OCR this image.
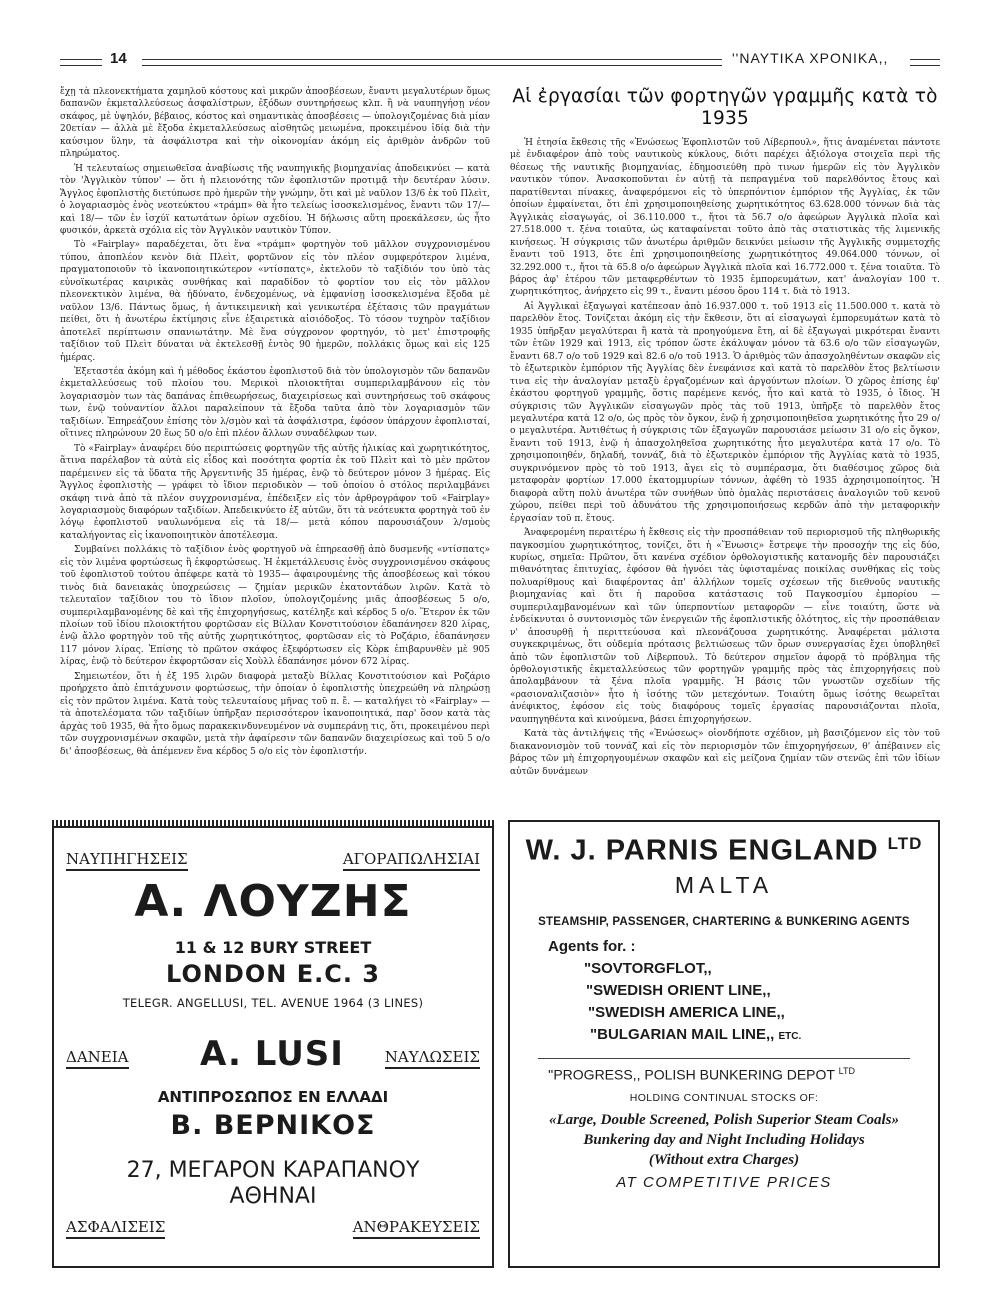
14	''ΝΑΥΤΙΚΑ ΧΡΟΝΙΚΑ,,

ἔχῃ τὰ πλεονεκτήματα χαμηλοῦ κόστους καὶ μικρῶν ἀποσβέσεων, ἔναντι μεγαλυτέρων ὅμως δαπανῶν ἐκμεταλλεύσεως ἀσφαλίστρων, ἐξόδων συντηρήσεως κλπ. ἢ νὰ ναυπηγήσῃ νέον σκάφος, μὲ ὑψηλόν, βέβαιος, κόστος καὶ σημαντικὰς ἀποσβέσεις — ὑπολογιζομένας διὰ μίαν 20ετίαν — ἀλλὰ μὲ ἔξοδα ἐκμεταλλεύσεως αἰσθητῶς μειωμένα, προκειμένου ἰδίᾳ διὰ τὴν καύσιμον ὕλην, τὰ ἀσφάλιστρα καὶ τὴν οἰκονομίαν ἀκόμη εἰς ἀριθμὸν ἀνδρῶν τοῦ πληρώματος.

Ἡ τελευταίως σημειωθεῖσα ἀναβίωσις τῆς ναυπηγικῆς βιομηχανίας ἀποδεικνύει — κατὰ τὸν 'Ἀγγλικὸν τύπον' — ὅτι ἡ πλειονότης τῶν ἐφοπλιστῶν προτιμᾷ τὴν δευτέραν λύσιν. Ἄγγλος ἐφοπλιστὴς διετύπωσε πρὸ ἡμερῶν τὴν γνώμην, ὅτι καὶ μὲ ναῦλον 13/6 ἐκ τοῦ Πλεὶτ, ὁ λογαριασμὸς ἑνὸς νεοτεύκτου «τράμπ» θὰ ἦτο τελείως ἰσοσκελισμένος, ἔναντι τῶν 17/— καὶ 18/— τῶν ἐν ἰσχύϊ κατωτάτων ὁρίων σχεδίου. Ἡ δήλωσις αὕτη προεκάλεσεν, ὡς ἦτο φυσικόν, ἀρκετὰ σχόλια εἰς τὸν Ἀγγλικὸν ναυτικὸν Τύπον.

Τὸ «Fairplay» παραδέχεται, ὅτι ἕνα «τράμπ» φορτηγὸν τοῦ μᾶλλον συγχρονισμένου τύπου, ἀποπλέον κενὸν διὰ Πλεὶτ, φορτῶνον εἰς τὸν πλέον συμφερότερον λιμένα, πραγματοποιοῦν τὸ ἱκανοποιητικώτερον «ντίσπατς», ἐκτελοῦν τὸ ταξίδιόν του ὑπὸ τὰς εὐνοϊκωτέρας καιρικὰς συνθήκας καὶ παραδίδον τὸ φορτίον του εἰς τὸν μᾶλλον πλεονεκτικὸν λιμένα, θὰ ἠδύνατο, ἐνδεχομένως, νὰ ἐμφανίσῃ ἰσοσκελισμένα ἔξοδα μὲ ναῦλον 13/6. Πάντως ὅμως, ἡ ἀντικειμενικὴ καὶ γενικωτέρα ἐξέτασις τῶν πραγμάτων πείθει, ὅτι ἡ ἀνωτέρω ἐκτίμησις εἶνε ἐξαιρετικὰ αἰσιόδοξος. Τὸ τόσον τυχηρὸν ταξίδιον ἀποτελεῖ περίπτωσιν σπανιωτάτην. Μὲ ἕνα σύγχρονον φορτηγόν, τὸ μετ' ἐπιστροφῆς ταξίδιον τοῦ Πλεὶτ δύναται νὰ ἐκτελεσθῇ ἐντὸς 90 ἡμερῶν, πολλάκις ὅμως καὶ εἰς 125 ἡμέρας.

Ἐξεταστέα ἀκόμη καὶ ἡ μέθοδος ἑκάστου ἐφοπλιστοῦ διὰ τὸν ὑπολογισμὸν τῶν δαπανῶν ἐκμεταλλεύσεως τοῦ πλοίου του. Μερικοὶ πλοιοκτῆται συμπεριλαμβάνουν εἰς τὸν λογαριασμὸν των τὰς δαπάνας ἐπιθεωρήσεως, διαχειρίσεως καὶ συντηρήσεως τοῦ σκάφους των, ἐνῷ τοὐναντίον ἄλλοι παραλείπουν τὰ ἔξοδα ταῦτα ἀπὸ τὸν λογαριασμὸν τῶν ταξιδίων. Ἐπηρεάζουν ἐπίσης τὸν λ/σμὸν καὶ τὰ ἀσφάλιστρα, ἐφόσον ὑπάρχουν ἐφοπλισταί, οἵτινες πληρώνουν 20 ἕως 50 ο/ο ἐπὶ πλέον ἄλλων συναδέλφων των.

Τὸ «Fairplay» ἀναφέρει δύο περιπτώσεις φορτηγῶν τῆς αὐτῆς ἡλικίας καὶ χωρητικότητος, ἅτινα παρέλαβον τὰ αὐτὰ εἰς εἶδος καὶ ποσότητα φορτία ἐκ τοῦ Πλεὶτ καὶ τὸ μὲν πρῶτον παρέμεινεν εἰς τὰ ὕδατα τῆς Ἀργεντινῆς 35 ἡμέρας, ἐνῷ τὸ δεύτερον μόνον 3 ἡμέρας. Εἰς Ἄγγλος ἐφοπλιστὴς — γράφει τὸ ἴδιον περιοδικὸν — τοῦ ὁποίου ὁ στόλος περιλαμβάνει σκάφη τινὰ ἀπὸ τὰ πλέον συγχρονισμένα, ἐπέδειξεν εἰς τὸν ἀρθρογράφον τοῦ «Fairplay» λογαριασμοὺς διαφόρων ταξιδίων. Ἀπεδεικνύετο ἐξ αὐτῶν, ὅτι τὰ νεότευκτα φορτηγὰ τοῦ ἐν λόγῳ ἐφοπλιστοῦ ναυλωνόμενα εἰς τὰ 18/— μετὰ κόπου παρουσιάζουν λ/σμοὺς καταλήγοντας εἰς ἱκανοποιητικὸν ἀποτέλεσμα.

Συμβαίνει πολλάκις τὸ ταξίδιον ἑνὸς φορτηγοῦ νὰ ἐπηρεασθῇ ἀπὸ δυσμενῆς «ντίσπατς» εἰς τὸν λιμένα φορτώσεως ἢ ἐκφορτώσεως. Ἡ ἐκμετάλλευσις ἑνὸς συγχρονισμένου σκάφους τοῦ ἐφοπλιστοῦ τούτου ἀπέφερε κατὰ τὸ 1935— ἀφαιρουμένης τῆς ἀποσβέσεως καὶ τόκου τινὸς διὰ δανειακὰς ὑποχρεώσεις — ζημίαν μερικῶν ἑκατοντάδων λιρῶν. Κατὰ τὸ τελευταῖον ταξίδιον του τὸ ἴδιον πλοῖον, ὑπολογιζομένης μιᾶς ἀποσβέσεως 5 ο/ο, συμπεριλαμβανομένης δὲ καὶ τῆς ἐπιχορηγήσεως, κατέληξε καὶ κέρδος 5 ο/ο. Ἕτερον ἐκ τῶν πλοίων τοῦ ἰδίου πλοιοκτήτου φορτῶσαν εἰς Βίλλαν Κονστιτούσιον ἐδαπάνησεν 820 λίρας, ἐνῷ ἄλλο φορτηγὸν τοῦ τῆς αὐτῆς χωρητικότητος, φορτῶσαν εἰς τὸ Ροζάριο, ἐδαπάνησεν 117 μόνον λίρας. Ἐπίσης τὸ πρῶτον σκάφος ἐξεφόρτωσεν εἰς Κὸρκ ἐπιβαρυνθὲν μὲ 905 λίρας, ἐνῷ τὸ δεύτερον ἐκφορτῶσαν εἰς Χοὺλλ ἐδαπάνησε μόνον 672 λίρας.

Σημειωτέον, ὅτι ἡ ἐξ 195 λιρῶν διαφορὰ μεταξὺ Βίλλας Κονστιτούσιον καὶ Ροζάριο προήρχετο ἀπὸ ἐπιτάχυνσιν φορτώσεως, τὴν ὁποίαν ὁ ἐφοπλιστὴς ὑπεχρεώθη νὰ πληρώσῃ εἰς τὸν πρῶτον λιμένα. Κατὰ τοὺς τελευταίους μῆνας τοῦ π. ἔ. — καταλήγει τὸ «Fairplay» — τὰ ἀποτελέσματα τῶν ταξιδίων ὑπῆρξαν περισσότερον ἱκανοποιητικά, παρ' ὅσον κατὰ τὰς ἀρχὰς τοῦ 1935, θὰ ἦτο ὅμως παρακεκινδυνευμένον νὰ συμπεράνῃ τις, ὅτι, προκειμένου περὶ τῶν συγχρονισμένων σκαφῶν, μετὰ τὴν ἀφαίρεσιν τῶν δαπανῶν διαχειρίσεως καὶ τοῦ 5 ο/ο δι' ἀποσβέσεως, θὰ ἀπέμενεν ἕνα κέρδος 5 ο/ο εἰς τὸν ἐφοπλιστήν.

Αἱ ἐργασίαι τῶν φορτηγῶν γραμμῆς κατὰ τὸ 1935

Ἡ ἐτησία ἔκθεσις τῆς «Ἑνώσεως Ἐφοπλιστῶν τοῦ Λίβερπουλ», ἥτις ἀναμένεται πάντοτε μὲ ἐνδιαφέρον ἀπὸ τοὺς ναυτικοὺς κύκλους, διότι παρέχει ἀξιόλογα στοιχεῖα περὶ τῆς θέσεως τῆς ναυτικῆς βιομηχανίας, ἐδημοσιεύθη πρὸ τινων ἡμερῶν εἰς τὸν Ἀγγλικὸν ναυτικὸν τύπον. Ἀνασκοποῦνται ἐν αὐτῇ τὰ πεπραγμένα τοῦ παρελθόντος ἔτους καὶ παρατίθενται πίνακες, ἀναφερόμενοι εἰς τὸ ὑπερπόντιον ἐμπόριον τῆς Ἀγγλίας, ἐκ τῶν ὁποίων ἐμφαίνεται, ὅτι ἐπὶ χρησιμοποιηθείσης χωρητικότητος 63.628.000 τόννων διὰ τὰς Ἀγγλικὰς εἰσαγωγάς, οἱ 36.110.000 τ., ἤτοι τὰ 56.7 ο/ο ἀφεώρων Ἀγγλικὰ πλοῖα καὶ 27.518.000 τ. ξένα τοιαῦτα, ὡς καταφαίνεται τοῦτο ἀπὸ τὰς στατιστικὰς τῆς λιμενικῆς κινήσεως. Ἡ σύγκρισις τῶν ἀνωτέρω ἀριθμῶν δεικνύει μείωσιν τῆς Ἀγγλικῆς συμμετοχῆς ἔναντι τοῦ 1913, ὅτε ἐπὶ χρησιμοποιηθείσης χωρητικότητος 49.064.000 τόννων, οἱ 32.292.000 τ., ἤτοι τὰ 65.8 ο/ο ἀφεώρων Ἀγγλικὰ πλοῖα καὶ 16.772.000 τ. ξένα τοιαῦτα. Τὸ βάρος ἀφ' ἑτέρου τῶν μεταφερθέντων τὸ 1935 ἐμπορευμάτων, κατ' ἀναλογίαν 100 τ. χωρητικότητος, ἀνήρχετο εἰς 99 τ., ἔναντι μέσου ὅρου 114 τ. διὰ τὸ 1913.

Αἱ Ἀγγλικαὶ ἐξαγωγαὶ κατέπεσαν ἀπὸ 16.937.000 τ. τοῦ 1913 εἰς 11.500.000 τ. κατὰ τὸ παρελθὸν ἔτος. Τονίζεται ἀκόμη εἰς τὴν ἔκθεσιν, ὅτι αἱ εἰσαγωγαὶ ἐμπορευμάτων κατὰ τὸ 1935 ὑπῆρξαν μεγαλύτεραι ἢ κατὰ τὰ προηγούμενα ἔτη, αἱ δὲ ἐξαγωγαὶ μικρότεραι ἔναντι τῶν ἐτῶν 1929 καὶ 1913, εἰς τρόπον ὥστε ἐκάλυψαν μόνον τὰ 63.6 ο/ο τῶν εἰσαγωγῶν, ἔναντι 68.7 ο/ο τοῦ 1929 καὶ 82.6 ο/ο τοῦ 1913. Ὁ ἀριθμὸς τῶν ἀπασχοληθέντων σκαφῶν εἰς τὸ ἐξωτερικὸν ἐμπόριον τῆς Ἀγγλίας δὲν ἐνεφάνισε καὶ κατὰ τὸ παρελθὸν ἔτος βελτίωσιν τινα εἰς τὴν ἀναλογίαν μεταξὺ ἐργαζομένων καὶ ἀργούντων πλοίων. Ὁ χῶρος ἐπίσης ἐφ' ἑκάστου φορτηγοῦ γραμμῆς, ὅστις παρέμενε κενός, ἦτο καὶ κατὰ τὸ 1935, ὁ ἴδιος. Ἡ σύγκρισις τῶν Ἀγγλικῶν εἰσαγωγῶν πρὸς τὰς τοῦ 1913, ὑπῆρξε τὸ παρελθὸν ἔτος μεγαλυτέρα κατὰ 12 ο/ο, ὡς πρὸς τὸν ὄγκον, ἐνῷ ἡ χρησιμοποιηθεῖσα χωρητικότης ἦτο 29 ο/ο μεγαλυτέρα. Ἀντιθέτως ἡ σύγκρισις τῶν ἐξαγωγῶν παρουσιάσε μείωσιν 31 ο/ο εἰς ὄγκον, ἔναντι τοῦ 1913, ἐνῷ ἡ ἀπασχοληθεῖσα χωρητικότης ἦτο μεγαλυτέρα κατὰ 17 ο/ο. Τὸ χρησιμοποιηθέν, δηλαδή, τοννάζ, διὰ τὸ ἐξωτερικὸν ἐμπόριον τῆς Ἀγγλίας κατὰ τὸ 1935, συγκρινόμενον πρὸς τὸ τοῦ 1913, ἄγει εἰς τὸ συμπέρασμα, ὅτι διαθέσιμος χῶρος διὰ μεταφορὰν φορτίων 17.000 ἑκατομμυρίων τόννων, ἀφέθη τὸ 1935 ἀχρησιμοποίητος. Ἡ διαφορὰ αὕτη πολὺ ἀνωτέρα τῶν συνήθων ὑπὸ ὁμαλὰς περιστάσεις ἀναλογιῶν τοῦ κενοῦ χώρου, πείθει περὶ τοῦ ἀδυνάτου τῆς χρησιμοποιήσεως κερδῶν ἀπὸ τὴν μεταφορικὴν ἐργασίαν τοῦ π. ἔτους.

Ἀναφερομένη περαιτέρω ἡ ἔκθεσις εἰς τὴν προσπάθειαν τοῦ περιορισμοῦ τῆς πληθωρικῆς παγκοσμίου χωρητικότητος, τονίζει, ὅτι ἡ «Ἕνωσις» ἔστρεψε τὴν προσοχήν της εἰς δύο, κυρίως, σημεῖα: Πρῶτον, ὅτι κανένα σχέδιον ὀρθολογιστικῆς κατανομῆς δὲν παρουσιάζει πιθανότητας ἐπιτυχίας, ἐφόσον θὰ ἠγνόει τὰς ὑφισταμένας ποικίλας συνθήκας εἰς τοὺς πολυαρίθμους καὶ διαφέροντας ἀπ' ἀλλήλων τομεῖς σχέσεων τῆς διεθνοῦς ναυτικῆς βιομηχανίας καὶ ὅτι ἡ παροῦσα κατάστασις τοῦ Παγκοσμίου ἐμπορίου — συμπεριλαμβανομένων καὶ τῶν ὑπερποντίων μεταφορῶν — εἶνε τοιαύτη, ὥστε νὰ ἐνδείκνυται ὁ συντονισμὸς τῶν ἐνεργειῶν τῆς ἐφοπλιστικῆς ὁλότητος, εἰς τὴν προσπάθειαν ν' ἀποσυρθῇ ἡ περιττεύουσα καὶ πλεονάζουσα χωρητικότης. Ἀναφέρεται μάλιστα συγκεκριμένως, ὅτι οὐδεμία πρότασις βελτιώσεως τῶν ὅρων συνεργασίας ἔχει ὑποβληθεῖ ἀπὸ τῶν ἐφοπλιστῶν τοῦ Λίβερπουλ. Τὸ δεύτερον σημεῖον ἀφορᾷ τὸ πρόβλημα τῆς ὀρθολογιστικῆς ἐκμεταλλεύσεως τῶν φορτηγῶν γραμμῆς πρὸς τὰς ἐπιχορηγήσεις ποὺ ἀπολαμβάνουν τὰ ξένα πλοῖα γραμμῆς. Ἡ βάσις τῶν γνωστῶν σχεδίων τῆς «ρασιοναλιζασιὸν» ἦτο ἡ ἰσότης τῶν μετεχόντων. Τοιαύτη ὅμως ἰσότης θεωρεῖται ἀνέφικτος, ἐφόσον εἰς τοὺς διαφόρους τομεῖς ἐργασίας παρουσιάζονται πλοῖα, ναυπηγηθέντα καὶ κινούμενα, βάσει ἐπιχορηγήσεων.

Κατὰ τὰς ἀντιλήψεις τῆς «Ἑνώσεως» οἱονδήποτε σχέδιον, μὴ βασιζόμενον εἰς τὸν τοῦ διακανονισμὸν τοῦ τοννάζ καὶ εἰς τὸν περιορισμὸν τῶν ἐπιχορηγήσεων, θ' ἀπέβαινεν εἰς βάρος τῶν μὴ ἐπιχορηγουμένων σκαφῶν καὶ εἰς μείζονα ζημίαν τῶν στενῶς ἐπὶ τῶν ἰδίων αὐτῶν δυνάμεων

ΝΑΥΠΗΓΗΣΕΙΣ	ΑΓΟΡΑΠΩΛΗΣΙΑΙ
Α. ΛΟΥΖΗΣ
11 & 12 BURY STREET
LONDON E.C. 3
TELEGR. ANGELLUSI, TEL. AVENUE 1964 (3 LINES)
ΔΑΝΕΙΑ	A. LUSI	ΝΑΥΛΩΣΕΙΣ
ΑΝΤΙΠΡΟΣΩΠΟΣ ΕΝ ΕΛΛΑΔΙ
Β. ΒΕΡΝΙΚΟΣ
27, ΜΕΓΑΡΟΝ ΚΑΡΑΠΑΝΟΥ
ΑΘΗΝΑΙ
ΑΣΦΑΛΙΣΕΙΣ	ΑΝΘΡΑΚΕΥΣΕΙΣ
W. J. PARNIS ENGLAND $^{LTD}$
MALTA
STEAMSHIP, PASSENGER, CHARTERING & BUNKERING AGENTS
Agents for. :
"SOVTORGFLOT,,
"SWEDISH ORIENT LINE,,
"SWEDISH AMERICA LINE,,
"BULGARIAN MAIL LINE,, ETC.
''PROGRESS,, POLISH BUNKERING DEPOT $^{LTD}$
HOLDING CONTINUAL STOCKS OF:
«Large, Double Screened, Polish Superior Steam Coals»
Bunkering day and Night Including Holidays
(Without extra Charges)
AT COMPETITIVE PRICES
